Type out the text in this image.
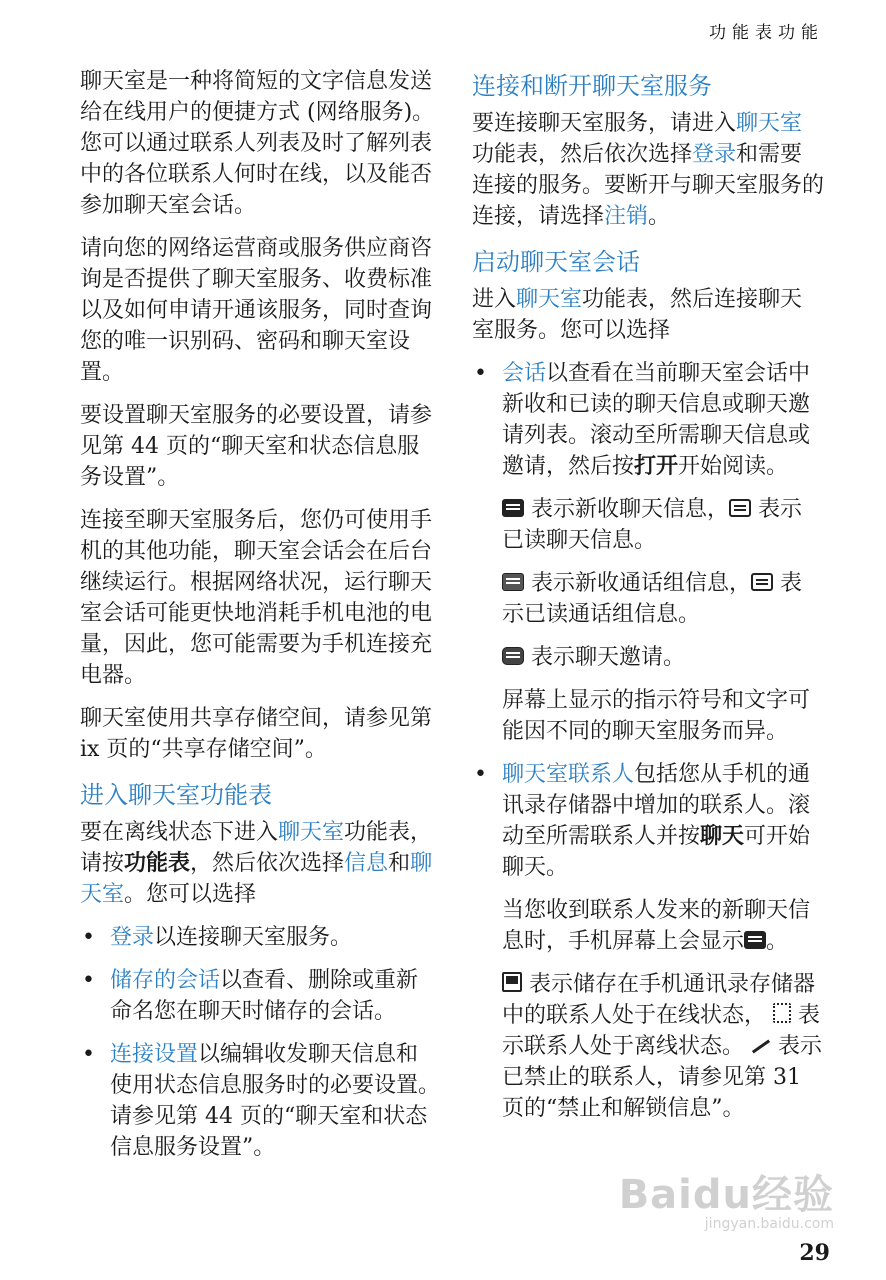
功能表功能

聊天室是一种将简短的文字信息发送给在线用户的便捷方式 (网络服务)。您可以通过联系人列表及时了解列表中的各位联系人何时在线，以及能否参加聊天室会话。

请向您的网络运营商或服务供应商咨询是否提供了聊天室服务、收费标准以及如何申请开通该服务，同时查询您的唯一识别码、密码和聊天室设置。

要设置聊天室服务的必要设置，请参见第 44 页的“聊天室和状态信息服务设置”。

连接至聊天室服务后，您仍可使用手机的其他功能，聊天室会话会在后台继续运行。根据网络状况，运行聊天室会话可能更快地消耗手机电池的电量，因此，您可能需要为手机连接充电器。

聊天室使用共享存储空间，请参见第 ix 页的“共享存储空间”。

进入聊天室功能表

要在离线状态下进入聊天室功能表，请按功能表，然后依次选择信息和聊天室。您可以选择

• 登录以连接聊天室服务。
• 储存的会话以查看、删除或重新命名您在聊天时储存的会话。
• 连接设置以编辑收发聊天信息和使用状态信息服务时的必要设置。请参见第 44 页的“聊天室和状态信息服务设置”。
连接和断开聊天室服务

要连接聊天室服务，请进入聊天室功能表，然后依次选择登录和需要连接的服务。要断开与聊天室服务的连接，请选择注销。

启动聊天室会话

进入聊天室功能表，然后连接聊天室服务。您可以选择

• 会话以查看在当前聊天室会话中新收和已读的聊天信息或聊天邀请列表。滚动至所需聊天信息或邀请，然后按打开开始阅读。

表示新收聊天信息， 表示已读聊天信息。

表示新收通话组信息， 表示已读通话组信息。

表示聊天邀请。

屏幕上显示的指示符号和文字可能因不同的聊天室服务而异。

• 聊天室联系人包括您从手机的通讯录存储器中增加的联系人。滚动至所需联系人并按聊天可开始聊天。

当您收到联系人发来的新聊天信息时，手机屏幕上会显示 。

表示储存在手机通讯录存储器中的联系人处于在线状态， 表示联系人处于离线状态。 表示已禁止的联系人，请参见第 31 页的“禁止和解锁信息”。

Baidu经验
jingyan.baidu.com
29
